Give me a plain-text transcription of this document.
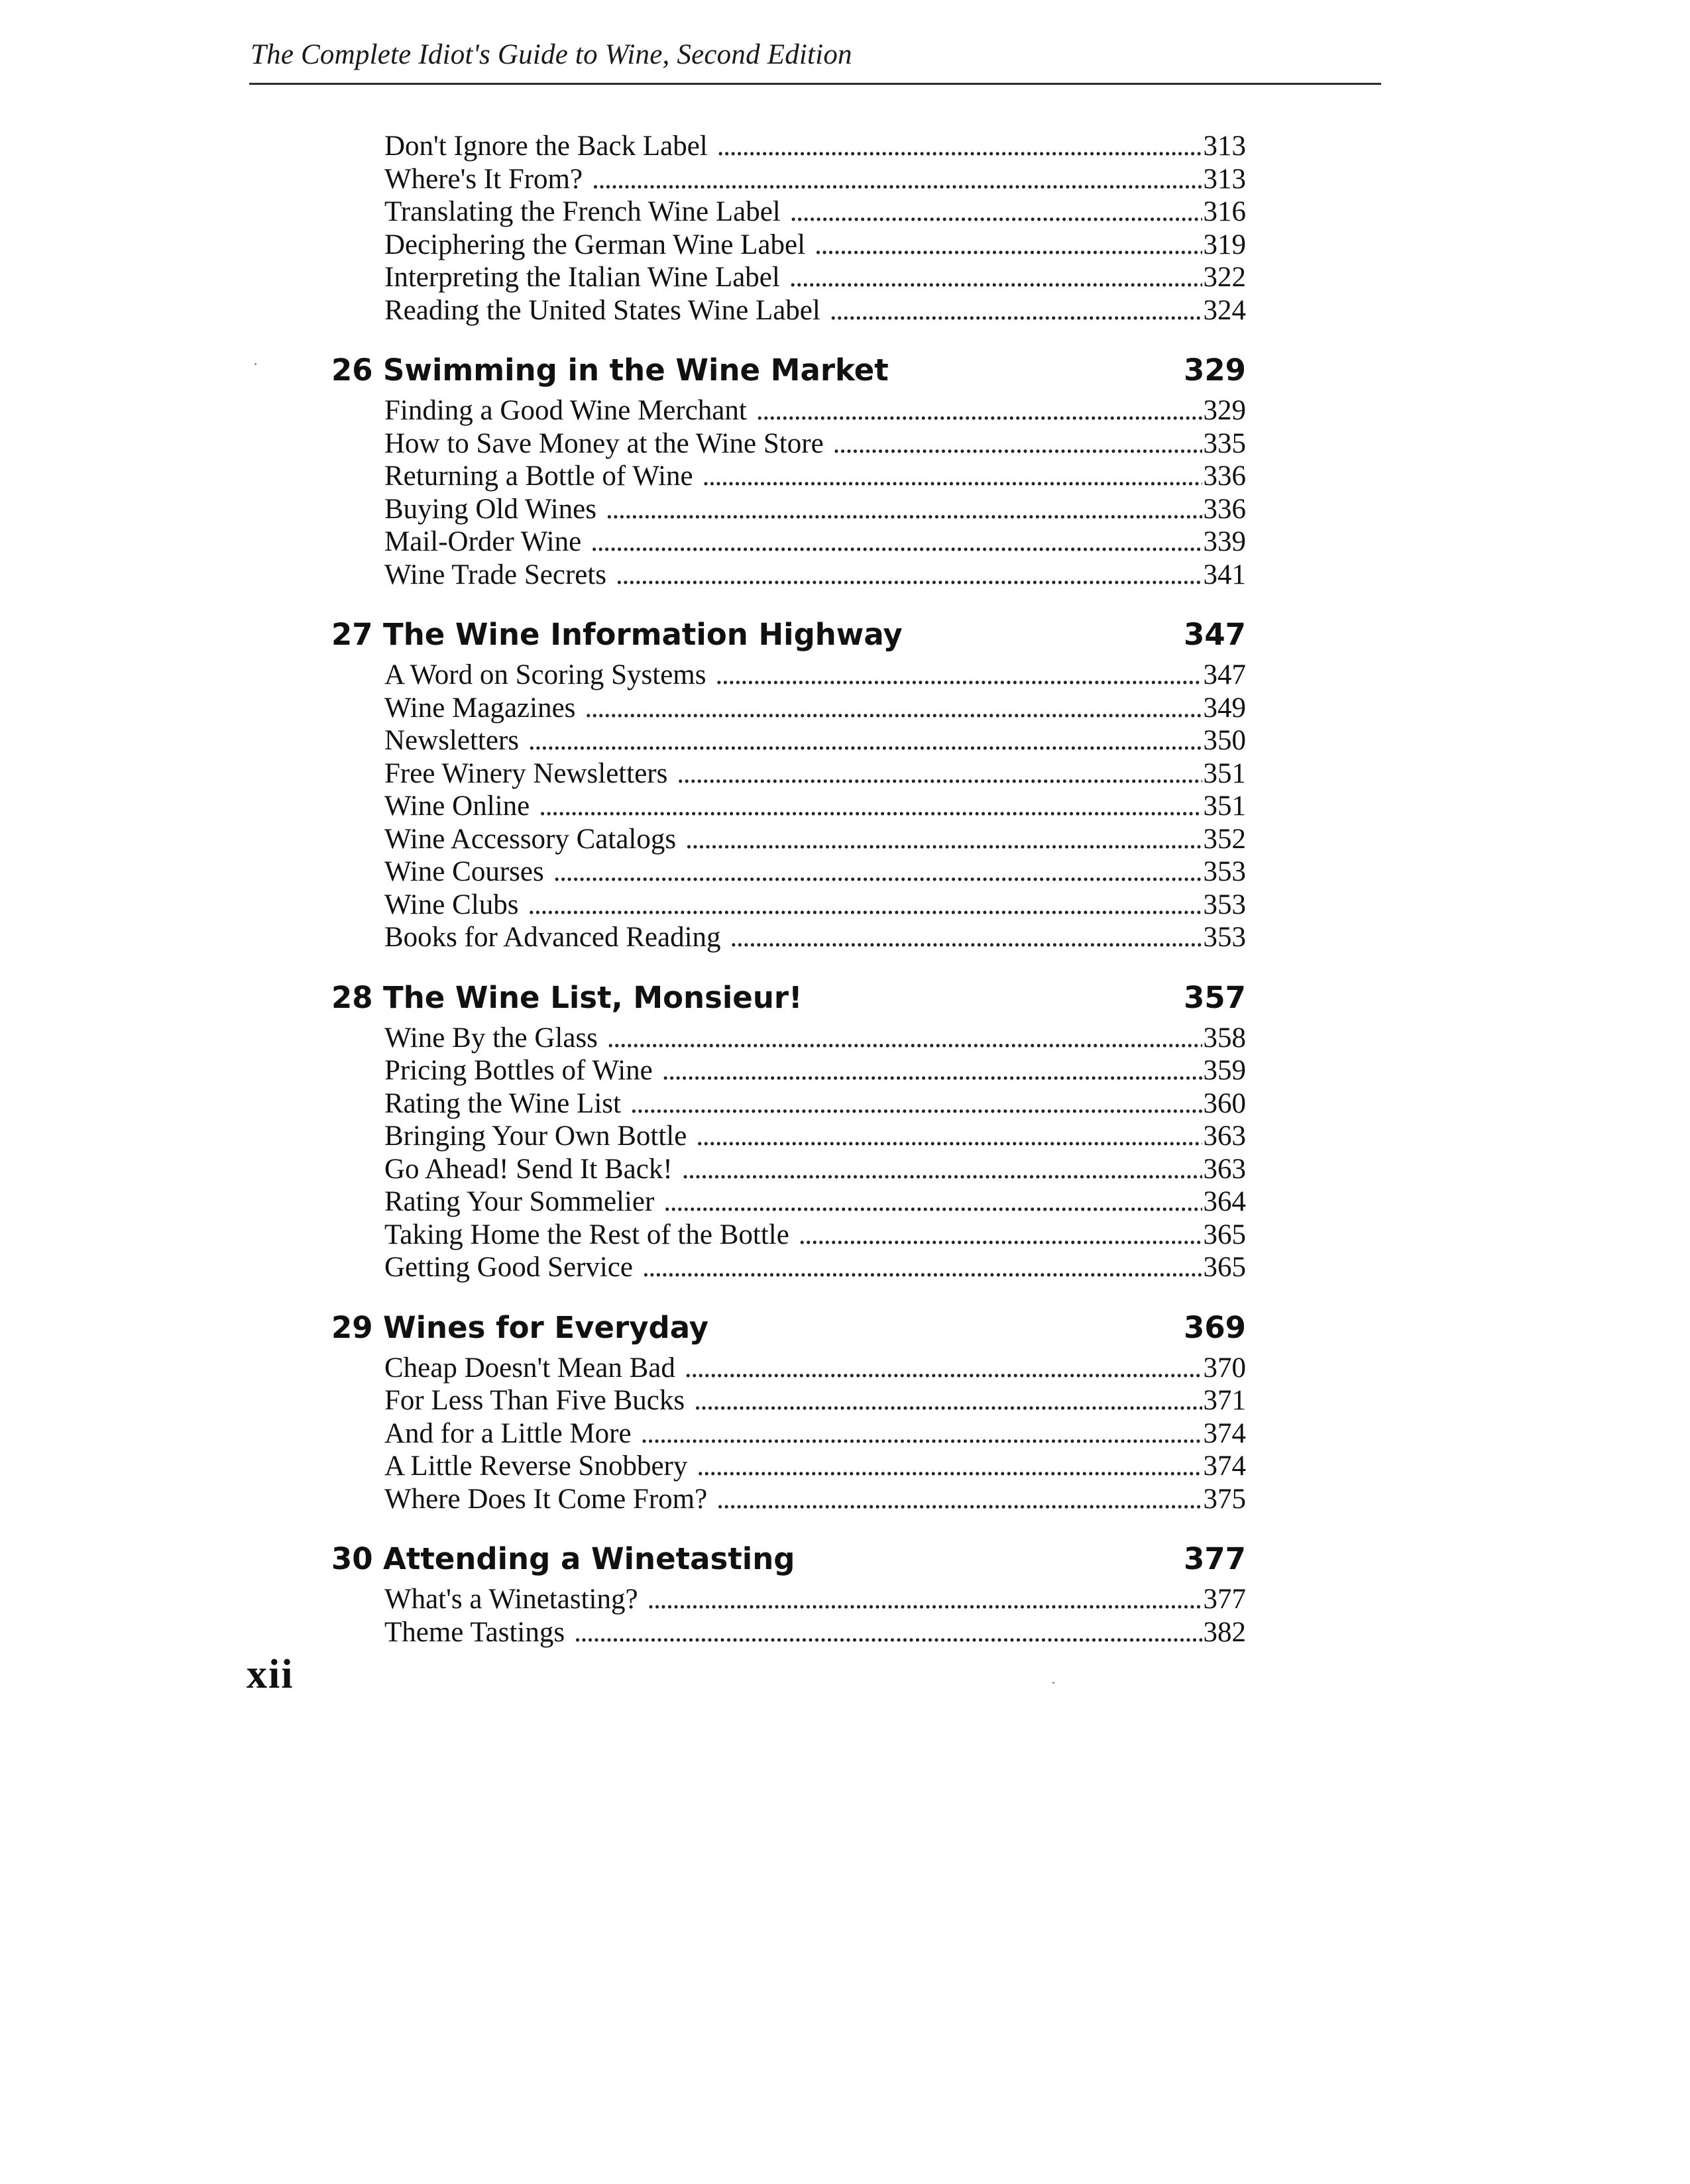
The Complete Idiot's Guide to Wine, Second Edition
Don't Ignore the Back Label . . .	313
Where's It From? . . .	313
Translating the French Wine Label . . .	316
Deciphering the German Wine Label . . .	319
Interpreting the Italian Wine Label . . .	322
Reading the United States Wine Label . . .	324
26 Swimming in the Wine Market	329
Finding a Good Wine Merchant . . .	329
How to Save Money at the Wine Store . . .	335
Returning a Bottle of Wine . . .	336
Buying Old Wines . . .	336
Mail-Order Wine . . .	339
Wine Trade Secrets . . .	341
27 The Wine Information Highway	347
A Word on Scoring Systems . . .	347
Wine Magazines . . .	349
Newsletters . . .	350
Free Winery Newsletters . . .	351
Wine Online . . .	351
Wine Accessory Catalogs . . .	352
Wine Courses . . .	353
Wine Clubs . . .	353
Books for Advanced Reading . . .	353
28 The Wine List, Monsieur!	357
Wine By the Glass . . .	358
Pricing Bottles of Wine . . .	359
Rating the Wine List . . .	360
Bringing Your Own Bottle . . .	363
Go Ahead! Send It Back! . . .	363
Rating Your Sommelier . . .	364
Taking Home the Rest of the Bottle . . .	365
Getting Good Service . . .	365
29 Wines for Everyday	369
Cheap Doesn't Mean Bad . . .	370
For Less Than Five Bucks . . .	371
And for a Little More . . .	374
A Little Reverse Snobbery . . .	374
Where Does It Come From? . . .	375
30 Attending a Winetasting	377
What's a Winetasting? . . .	377
Theme Tastings . . .	382
xii
